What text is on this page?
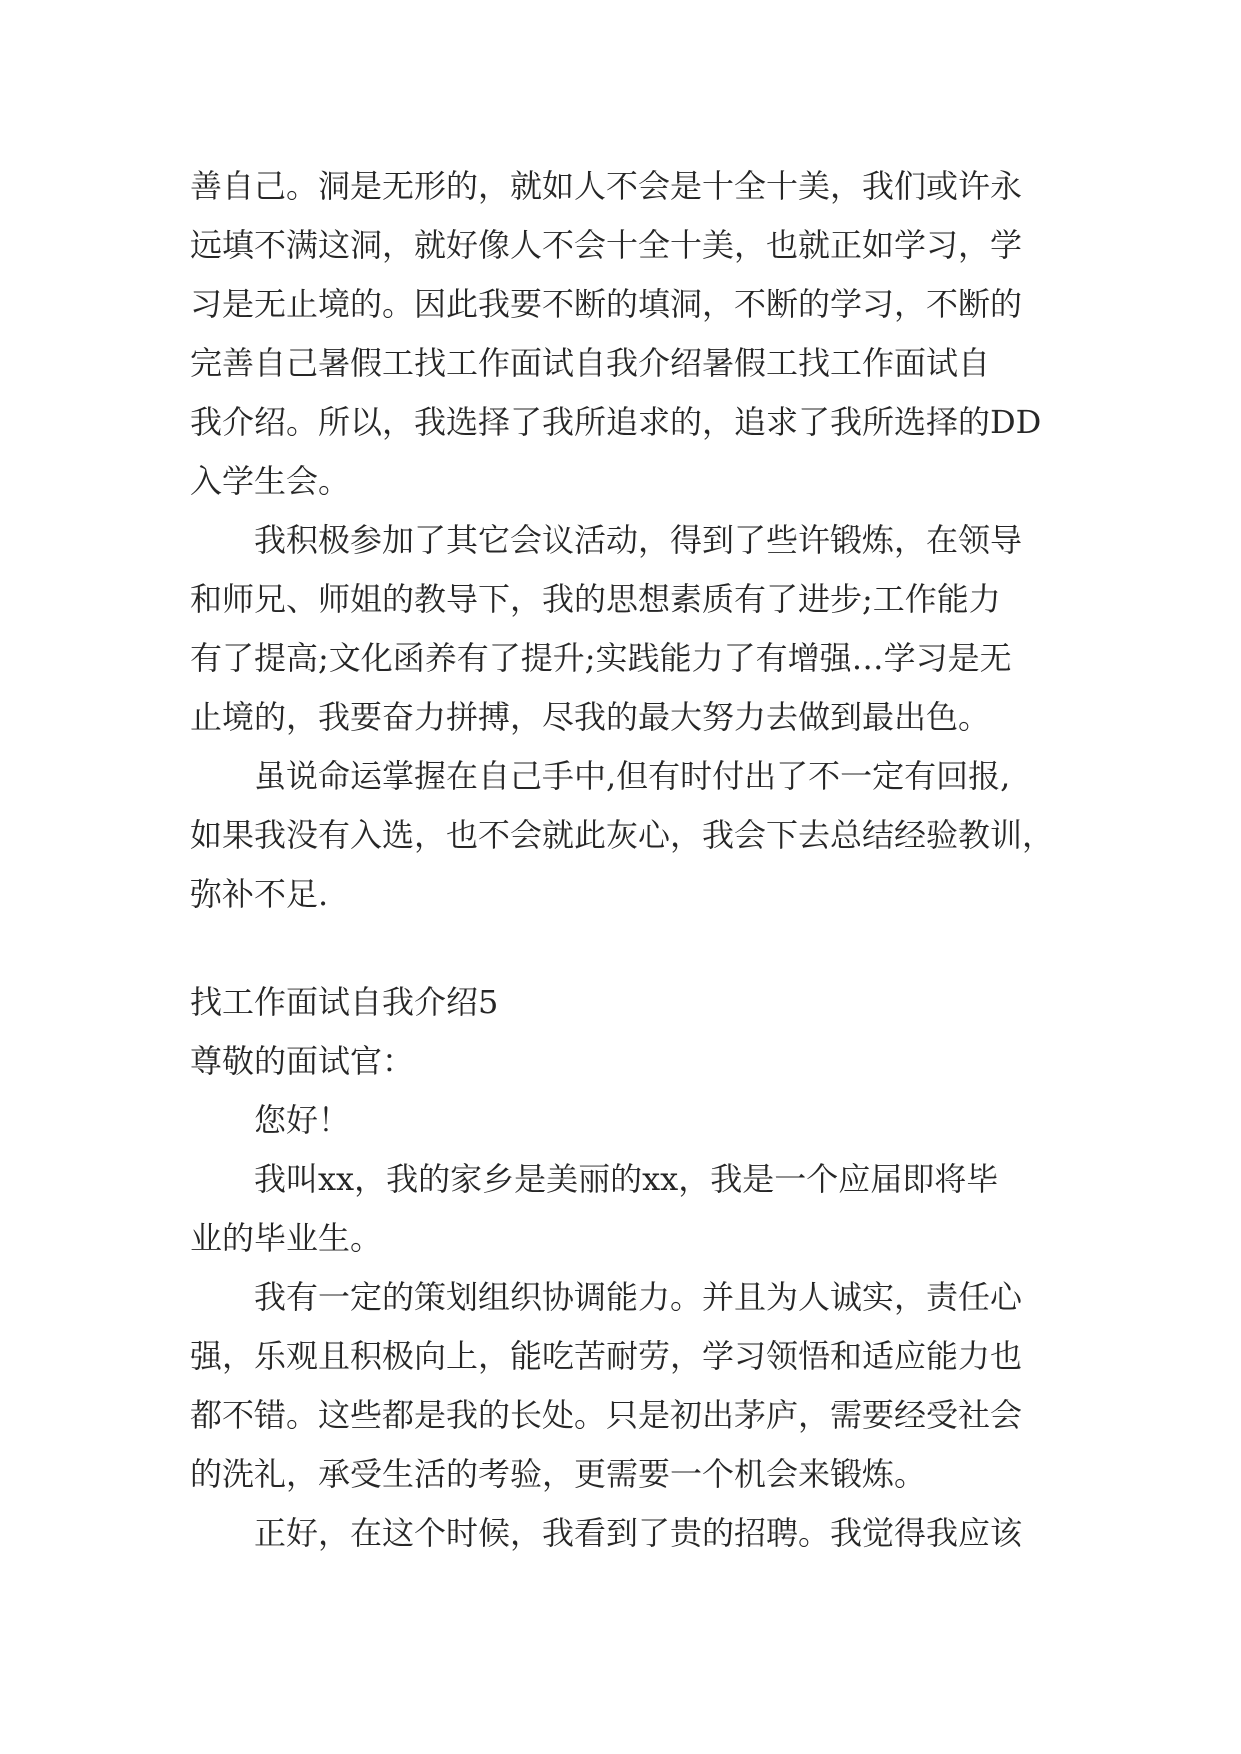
善自己。洞是无形的，就如人不会是十全十美，我们或许永

远填不满这洞，就好像人不会十全十美，也就正如学习，学

习是无止境的。因此我要不断的填洞，不断的学习，不断的

完善自己暑假工找工作面试自我介绍暑假工找工作面试自

我介绍。所以，我选择了我所追求的，追求了我所选择的DD

入学生会。

我积极参加了其它会议活动，得到了些许锻炼，在领导

和师兄、师姐的教导下，我的思想素质有了进步;工作能力

有了提高;文化函养有了提升;实践能力了有增强…学习是无

止境的，我要奋力拼搏，尽我的最大努力去做到最出色。

虽说命运掌握在自己手中,但有时付出了不一定有回报,

如果我没有入选，也不会就此灰心，我会下去总结经验教训，

弥补不足.

找工作面试自我介绍5

尊敬的面试官：

您好！

我叫xx，我的家乡是美丽的xx，我是一个应届即将毕

业的毕业生。

我有一定的策划组织协调能力。并且为人诚实，责任心

强，乐观且积极向上，能吃苦耐劳，学习领悟和适应能力也

都不错。这些都是我的长处。只是初出茅庐，需要经受社会

的洗礼，承受生活的考验，更需要一个机会来锻炼。

正好，在这个时候，我看到了贵的招聘。我觉得我应该
